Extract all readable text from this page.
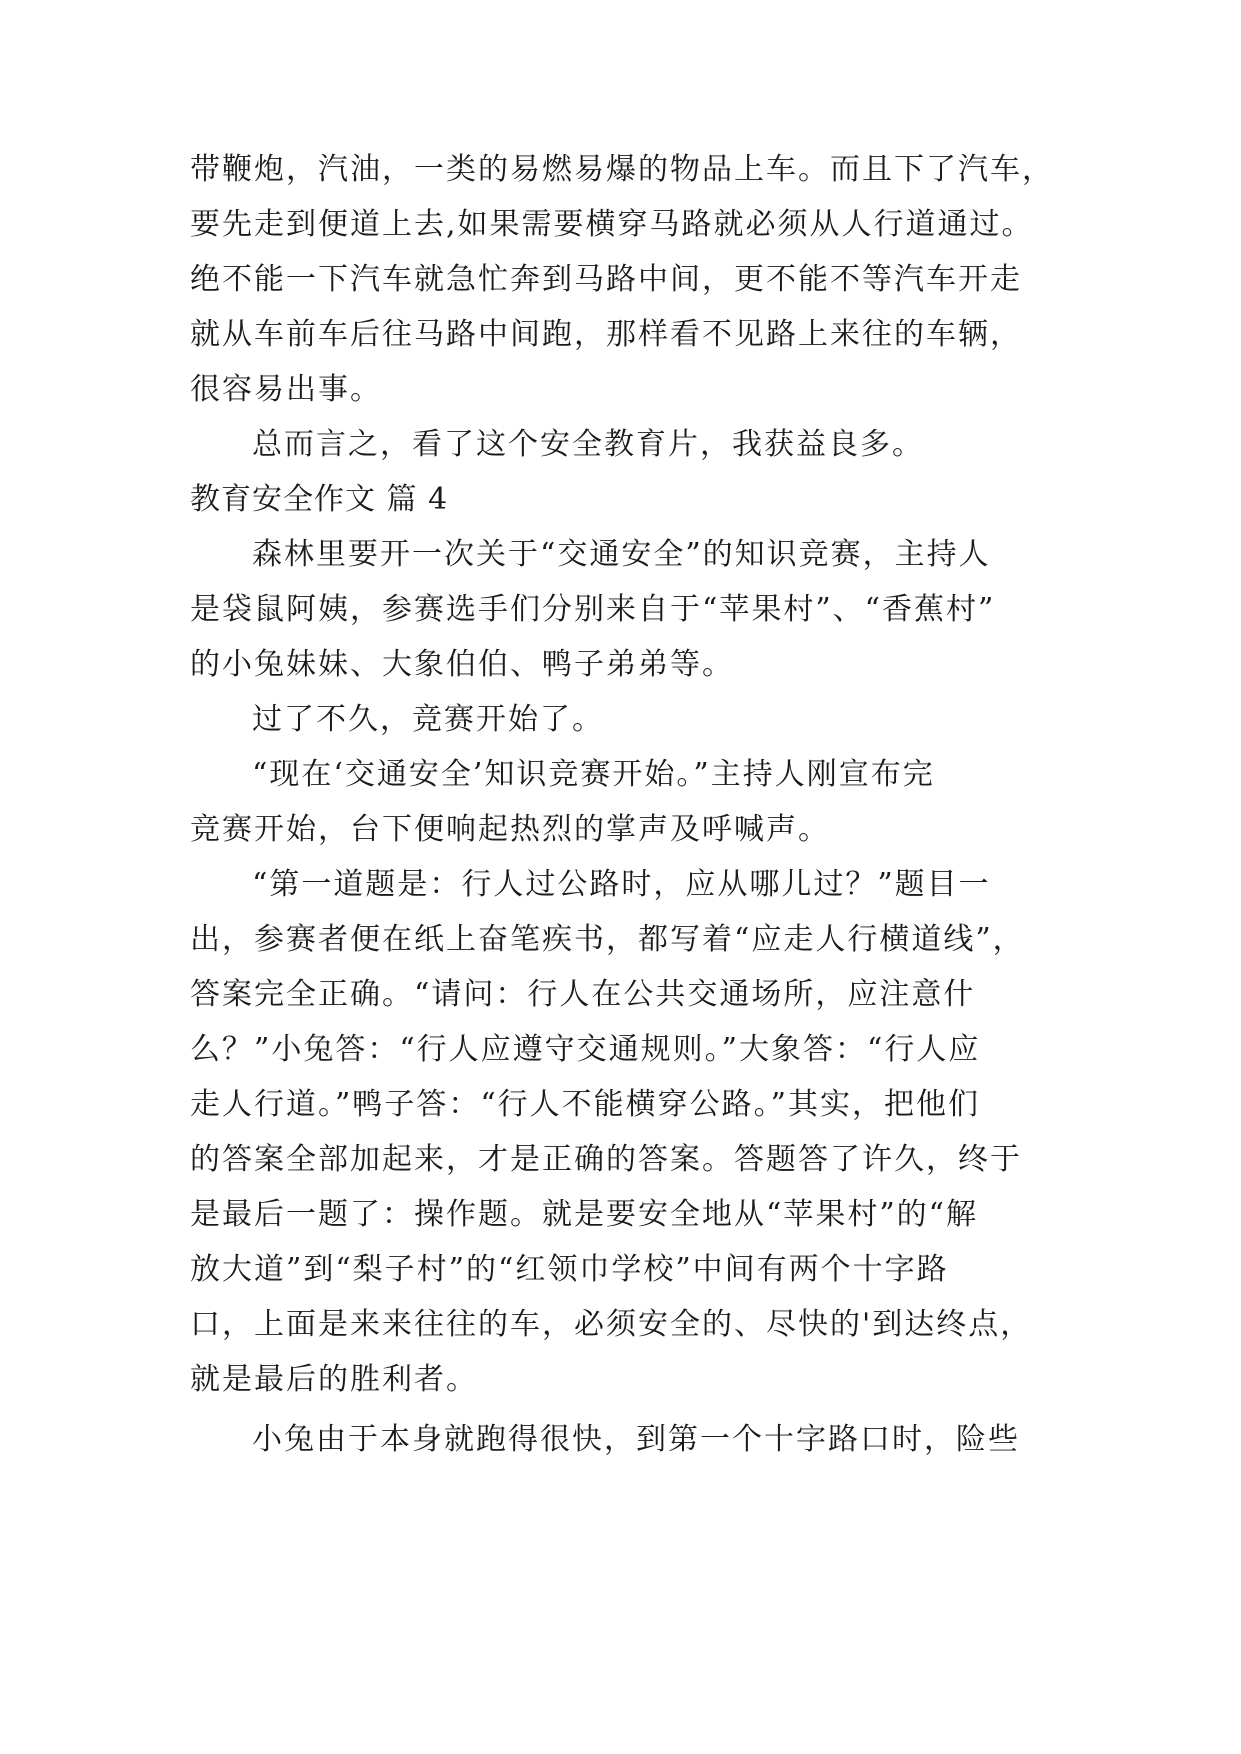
带鞭炮，汽油，一类的易燃易爆的物品上车。而且下了汽车，
要先走到便道上去,如果需要横穿马路就必须从人行道通过。
绝不能一下汽车就急忙奔到马路中间，更不能不等汽车开走
就从车前车后往马路中间跑，那样看不见路上来往的车辆，
很容易出事。
总而言之，看了这个安全教育片，我获益良多。
教育安全作文 篇 4
森林里要开一次关于“交通安全”的知识竞赛，主持人
是袋鼠阿姨，参赛选手们分别来自于“苹果村”、“香蕉村”
的小兔妹妹、大象伯伯、鸭子弟弟等。
过了不久，竞赛开始了。
“现在‘交通安全’知识竞赛开始。”主持人刚宣布完
竞赛开始，台下便响起热烈的掌声及呼喊声。
“第一道题是：行人过公路时，应从哪儿过？”题目一
出，参赛者便在纸上奋笔疾书，都写着“应走人行横道线”，
答案完全正确。“请问：行人在公共交通场所，应注意什
么？”小兔答：“行人应遵守交通规则。”大象答：“行人应
走人行道。”鸭子答：“行人不能横穿公路。”其实，把他们
的答案全部加起来，才是正确的答案。答题答了许久，终于
是最后一题了：操作题。就是要安全地从“苹果村”的“解
放大道”到“梨子村”的“红领巾学校”中间有两个十字路
口，上面是来来往往的车，必须安全的、尽快的'到达终点，
就是最后的胜利者。
小兔由于本身就跑得很快，到第一个十字路口时，险些
